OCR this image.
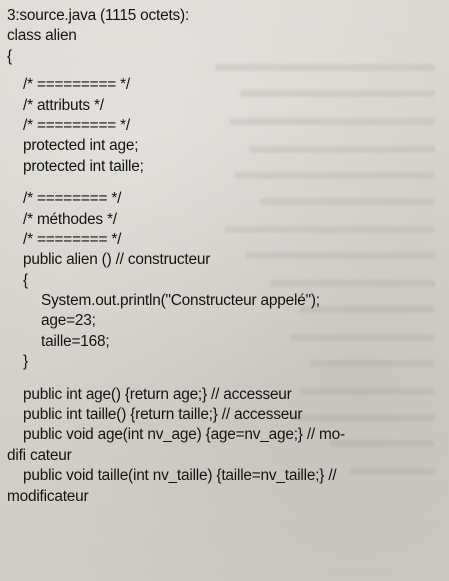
3:source.java (1115 octets):
class alien
{
/* ========= */
/* attributs */
/* ========= */
protected int age;
protected int taille;
/* ======== */
/* méthodes */
/* ======== */
public alien () // constructeur
{
System.out.println("Constructeur appelé");
age=23;
taille=168;
}
public int age() {return age;} // accesseur
public int taille() {return taille;} // accesseur
public void age(int nv_age) {age=nv_age;} // mo-
difi cateur
public void taille(int nv_taille) {taille=nv_taille;} //
modificateur
